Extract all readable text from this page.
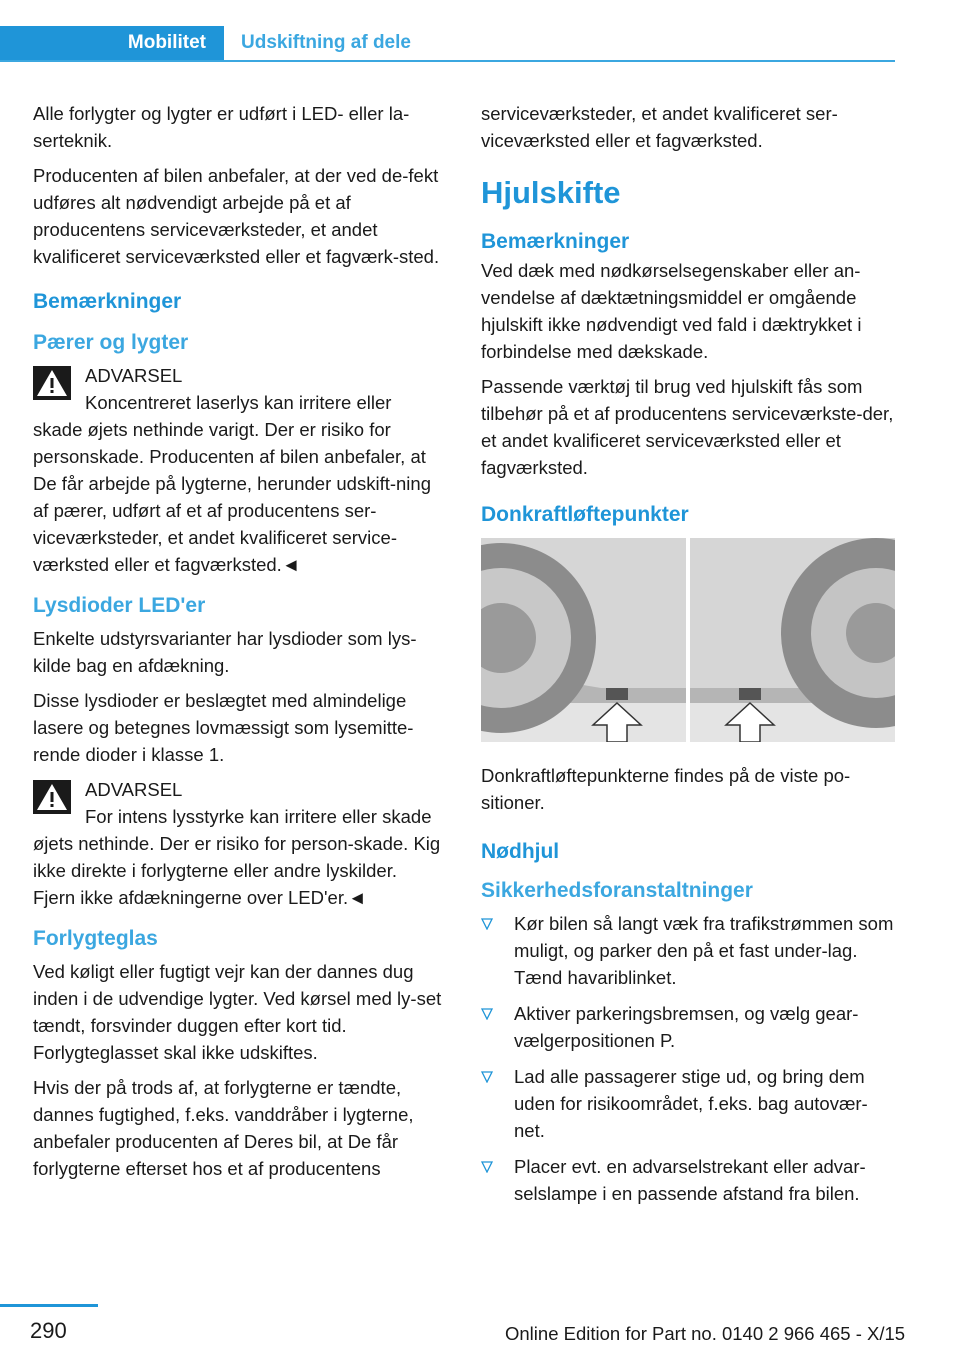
Mobilitet	Udskiftning af dele

Alle forlygter og lygter er udført i LED- eller la-serteknik.

Producenten af bilen anbefaler, at der ved de-fekt udføres alt nødvendigt arbejde på et af producentens serviceværksteder, et andet kvalificeret serviceværksted eller et fagværk-sted.

Bemærkninger
Pærer og lygter
ADVARSEL
Koncentreret laserlys kan irritere eller skade øjets nethinde varigt. Der er risiko for personskade. Producenten af bilen anbefaler, at De får arbejde på lygterne, herunder udskift-ning af pærer, udført af et af producentens ser-viceværksteder, et andet kvalificeret service-værksted eller et fagværksted.◄
Lysdioder LED'er

Enkelte udstyrsvarianter har lysdioder som lys-kilde bag en afdækning.

Disse lysdioder er beslægtet med almindelige lasere og betegnes lovmæssigt som lysemitte-rende dioder i klasse 1.

ADVARSEL
For intens lysstyrke kan irritere eller skade øjets nethinde. Der er risiko for person-skade. Kig ikke direkte i forlygterne eller andre lyskilder. Fjern ikke afdækningerne over LED'er.◄
Forlygteglas

Ved køligt eller fugtigt vejr kan der dannes dug inden i de udvendige lygter. Ved kørsel med ly-set tændt, forsvinder duggen efter kort tid. Forlygteglasset skal ikke udskiftes.

Hvis der på trods af, at forlygterne er tændte, dannes fugtighed, f.eks. vanddråber i lygterne, anbefaler producenten af Deres bil, at De får forlygterne efterset hos et af producentens

serviceværksteder, et andet kvalificeret ser-viceværksted eller et fagværksted.

Hjulskifte
Bemærkninger

Ved dæk med nødkørselsegenskaber eller an-vendelse af dæktætningsmiddel er omgående hjulskift ikke nødvendigt ved fald i dæktrykket i forbindelse med dækskade.

Passende værktøj til brug ved hjulskift fås som tilbehør på et af producentens serviceværkste-der, et andet kvalificeret serviceværksted eller et fagværksted.

Donkraftløftepunkter

Donkraftløftepunkterne findes på de viste po-sitioner.

Nødhjul
Sikkerhedsforanstaltninger
Kør bilen så langt væk fra trafikstrømmen som muligt, og parker den på et fast under-lag. Tænd havariblinket.
Aktiver parkeringsbremsen, og vælg gear-vælgerpositionen P.
Lad alle passagerer stige ud, og bring dem uden for risikoområdet, f.eks. bag autovær-net.
Placer evt. en advarselstrekant eller advar-selslampe i en passende afstand fra bilen.
290	Online Edition for Part no. 0140 2 966 465 - X/15
